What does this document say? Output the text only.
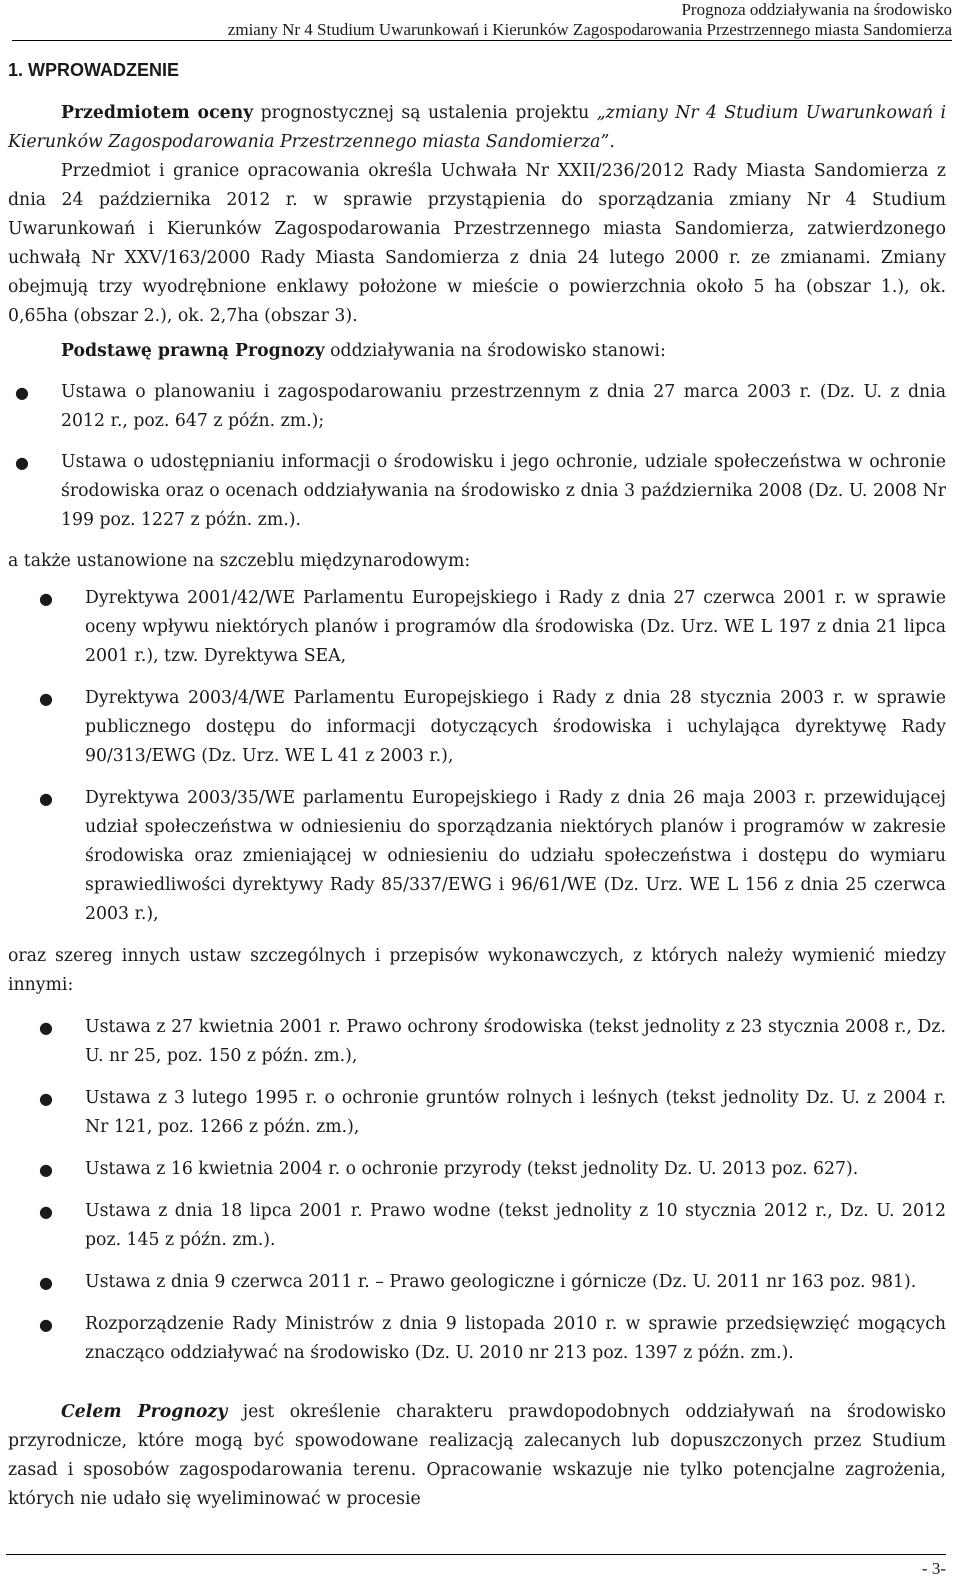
Prognoza oddziaływania na środowisko
zmiany Nr 4 Studium Uwarunkowań i Kierunków Zagospodarowania Przestrzennego miasta Sandomierza
1. WPROWADZENIE

Przedmiotem oceny prognostycznej są ustalenia projektu „zmiany Nr 4 Studium Uwarunkowań i Kierunków Zagospodarowania Przestrzennego miasta Sandomierza”.

Przedmiot i granice opracowania określa Uchwała Nr XXII/236/2012 Rady Miasta Sandomierza z dnia 24 października 2012 r. w sprawie przystąpienia do sporządzania zmiany Nr 4 Studium Uwarunkowań i Kierunków Zagospodarowania Przestrzennego miasta Sandomierza, zatwierdzonego uchwałą Nr XXV/163/2000 Rady Miasta Sandomierza z dnia 24 lutego 2000 r. ze zmianami. Zmiany obejmują trzy wyodrębnione enklawy położone w mieście o powierzchnia około 5 ha (obszar 1.), ok. 0,65ha (obszar 2.), ok. 2,7ha (obszar 3).

Podstawę prawną Prognozy oddziaływania na środowisko stanowi:

● Ustawa o planowaniu i zagospodarowaniu przestrzennym z dnia 27 marca 2003 r. (Dz. U. z dnia 2012 r., poz. 647 z późn. zm.);
● Ustawa o udostępnianiu informacji o środowisku i jego ochronie, udziale społeczeństwa w ochronie środowiska oraz o ocenach oddziaływania na środowisko z dnia 3 października 2008 (Dz. U. 2008 Nr 199 poz. 1227 z późn. zm.).

a także ustanowione na szczeblu międzynarodowym:

● Dyrektywa 2001/42/WE Parlamentu Europejskiego i Rady z dnia 27 czerwca 2001 r. w sprawie oceny wpływu niektórych planów i programów dla środowiska (Dz. Urz. WE L 197 z dnia 21 lipca 2001 r.), tzw. Dyrektywa SEA,
● Dyrektywa 2003/4/WE Parlamentu Europejskiego i Rady z dnia 28 stycznia 2003 r. w sprawie publicznego dostępu do informacji dotyczących środowiska i uchylająca dyrektywę Rady 90/313/EWG (Dz. Urz. WE L 41 z 2003 r.),
● Dyrektywa 2003/35/WE parlamentu Europejskiego i Rady z dnia 26 maja 2003 r. przewidującej udział społeczeństwa w odniesieniu do sporządzania niektórych planów i programów w zakresie środowiska oraz zmieniającej w odniesieniu do udziału społeczeństwa i dostępu do wymiaru sprawiedliwości dyrektywy Rady 85/337/EWG i 96/61/WE (Dz. Urz. WE L 156 z dnia 25 czerwca 2003 r.),

oraz szereg innych ustaw szczególnych i przepisów wykonawczych, z których należy wymienić miedzy innymi:

● Ustawa z 27 kwietnia 2001 r. Prawo ochrony środowiska (tekst jednolity z 23 stycznia 2008 r., Dz. U. nr 25, poz. 150 z późn. zm.),
● Ustawa z 3 lutego 1995 r. o ochronie gruntów rolnych i leśnych (tekst jednolity Dz. U. z 2004 r. Nr 121, poz. 1266 z późn. zm.),
● Ustawa z 16 kwietnia 2004 r. o ochronie przyrody (tekst jednolity Dz. U. 2013 poz. 627).
● Ustawa z dnia 18 lipca 2001 r. Prawo wodne (tekst jednolity z 10 stycznia 2012 r., Dz. U. 2012 poz. 145 z późn. zm.).
● Ustawa z dnia 9 czerwca 2011 r. – Prawo geologiczne i górnicze (Dz. U. 2011 nr 163 poz. 981).
● Rozporządzenie Rady Ministrów z dnia 9 listopada 2010 r. w sprawie przedsięwzięć mogących znacząco oddziaływać na środowisko (Dz. U. 2010 nr 213 poz. 1397 z późn. zm.).

Celem Prognozy jest określenie charakteru prawdopodobnych oddziaływań na środowisko przyrodnicze, które mogą być spowodowane realizacją zalecanych lub dopuszczonych przez Studium zasad i sposobów zagospodarowania terenu. Opracowanie wskazuje nie tylko potencjalne zagrożenia, których nie udało się wyeliminować w procesie

- 3-
